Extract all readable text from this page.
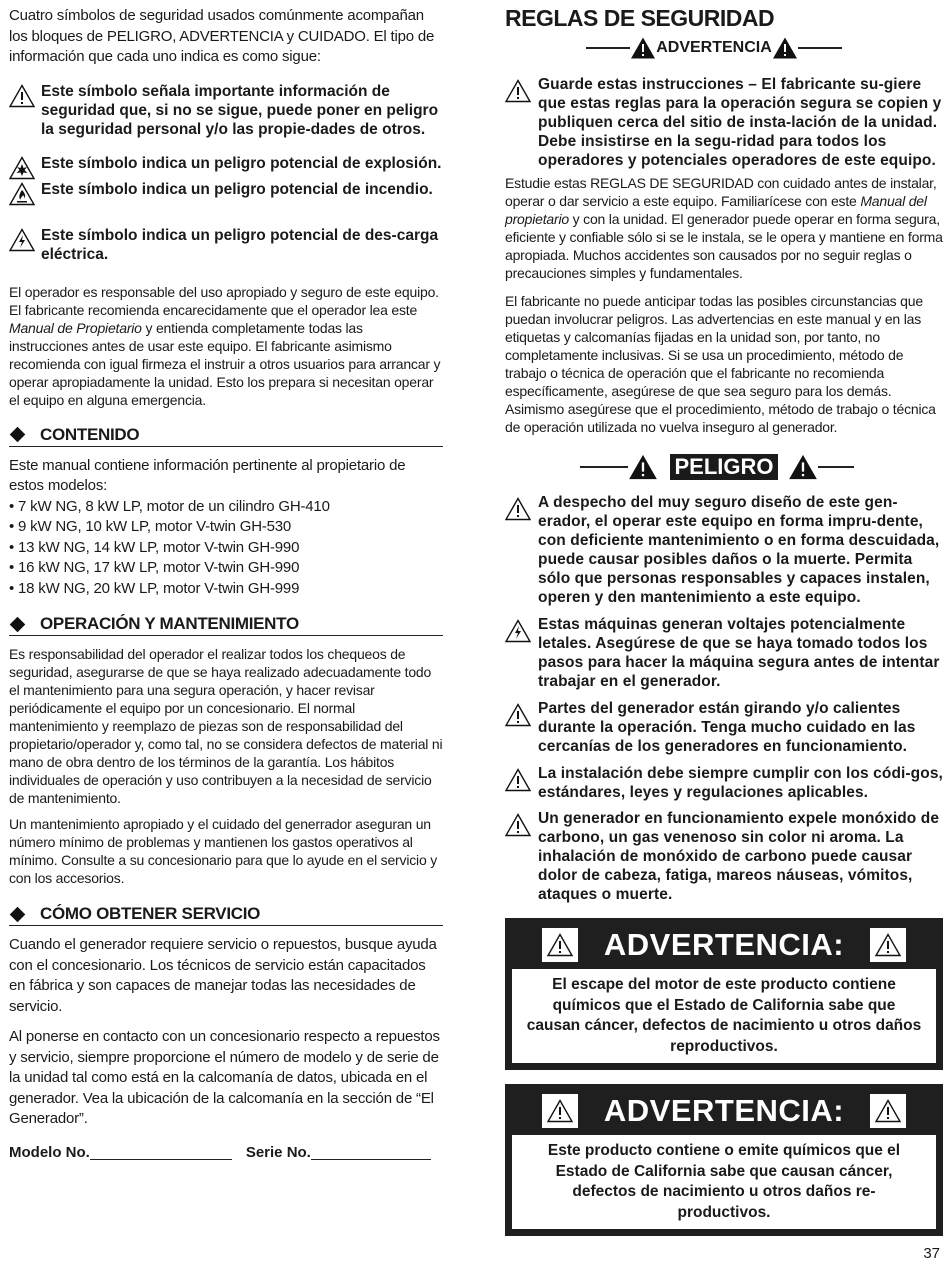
Cuatro símbolos de seguridad usados comúnmente acompañan los bloques de PELIGRO, ADVERTENCIA y CUIDADO. El tipo de información que cada uno indica es como sigue:

Este símbolo señala importante información de seguridad que, si no se sigue, puede poner en peligro la seguridad personal y/o las propie-dades de otros.
Este símbolo indica un peligro potencial de explosión.
Este símbolo indica un peligro potencial de incendio.
Este símbolo indica un peligro potencial de des-carga eléctrica.

El operador es responsable del uso apropiado y seguro de este equipo. El fabricante recomienda encarecidamente que el operador lea este Manual de Propietario y entienda completamente todas las instrucciones antes de usar este equipo. El fabricante asimismo recomienda con igual firmeza el instruir a otros usuarios para arrancar y operar apropiadamente la unidad. Esto los prepara si necesitan operar el equipo en alguna emergencia.

CONTENIDO

Este manual contiene información pertinente al propietario de estos modelos:

• 7 kW NG, 8 kW LP, motor de un cilindro GH-410
• 9 kW NG, 10 kW LP, motor V-twin GH-530
• 13 kW NG, 14 kW LP, motor V-twin GH-990
• 16 kW NG, 17 kW LP, motor V-twin GH-990
• 18 kW NG, 20 kW LP, motor V-twin GH-999
OPERACIÓN Y MANTENIMIENTO

Es responsabilidad del operador el realizar todos los chequeos de seguridad, asegurarse de que se haya realizado adecuadamente todo el mantenimiento para una segura operación, y hacer revisar periódicamente el equipo por un concesionario. El normal mantenimiento y reemplazo de piezas son de responsabilidad del propietario/operador y, como tal, no se considera defectos de material ni mano de obra dentro de los términos de la garantía. Los hábitos individuales de operación y uso contribuyen a la necesidad de servicio de mantenimiento.

Un mantenimiento apropiado y el cuidado del generrador aseguran un número mínimo de problemas y mantienen los gastos operativos al mínimo. Consulte a su concesionario para que lo ayude en el servicio y con los accesorios.

CÓMO OBTENER SERVICIO

Cuando el generador requiere servicio o repuestos, busque ayuda con el concesionario. Los técnicos de servicio están capacitados en fábrica y son capaces de manejar todas las necesidades de servicio.

Al ponerse en contacto con un concesionario respecto a repuestos y servicio, siempre proporcione el número de modelo y de serie de la unidad tal como está en la calcomanía de datos, ubicada en el generador. Vea la ubicación de la calcomanía en la sección de “El Generador”.

Modelo No.	Serie No.
REGLAS DE SEGURIDAD
ADVERTENCIA
Guarde estas instrucciones – El fabricante su-giere que estas reglas para la operación segura se copien y publiquen cerca del sitio de insta-lación de la unidad. Debe insistirse en la segu-ridad para todos los operadores y potenciales operadores de este equipo.

Estudie estas REGLAS DE SEGURIDAD con cuidado antes de instalar, operar o dar servicio a este equipo. Familiarícese con este Manual del propietario y con la unidad. El generador puede operar en forma segura, eficiente y confiable sólo si se le instala, se le opera y mantiene en forma apropiada. Muchos accidentes son causados por no seguir reglas o precauciones simples y fundamentales.

El fabricante no puede anticipar todas las posibles circunstancias que puedan involucrar peligros. Las advertencias en este manual y en las etiquetas y calcomanías fijadas en la unidad son, por tanto, no completamente inclusivas. Si se usa un procedimiento, método de trabajo o técnica de operación que el fabricante no recomienda específicamente, asegúrese de que sea seguro para los demás. Asimismo asegúrese que el procedimiento, método de trabajo o técnica de operación utilizada no vuelva inseguro al generador.

PELIGRO
A despecho del muy seguro diseño de este gen-erador, el operar este equipo en forma impru-dente, con deficiente mantenimiento o en forma descuidada, puede causar posibles daños o la muerte. Permita sólo que personas responsables y capaces instalen, operen y den mantenimiento a este equipo.
Estas máquinas generan voltajes potencialmente letales. Asegúrese de que se haya tomado todos los pasos para hacer la máquina segura antes de intentar trabajar en el generador.
Partes del generador están girando y/o calientes durante la operación. Tenga mucho cuidado en las cercanías de los generadores en funcionamiento.
La instalación debe siempre cumplir con los códi-gos, estándares, leyes y regulaciones aplicables.
Un generador en funcionamiento expele monóxido de carbono, un gas venenoso sin color ni aroma. La inhalación de monóxido de carbono puede causar dolor de cabeza, fatiga, mareos náuseas, vómitos, ataques o muerte.
ADVERTENCIA:
El escape del motor de este producto contiene químicos que el Estado de California sabe que causan cáncer, defectos de nacimiento u otros daños reproductivos.
ADVERTENCIA:
Este producto contiene o emite químicos que el Estado de California sabe que causan cáncer, defectos de nacimiento u otros daños re-productivos.
37
